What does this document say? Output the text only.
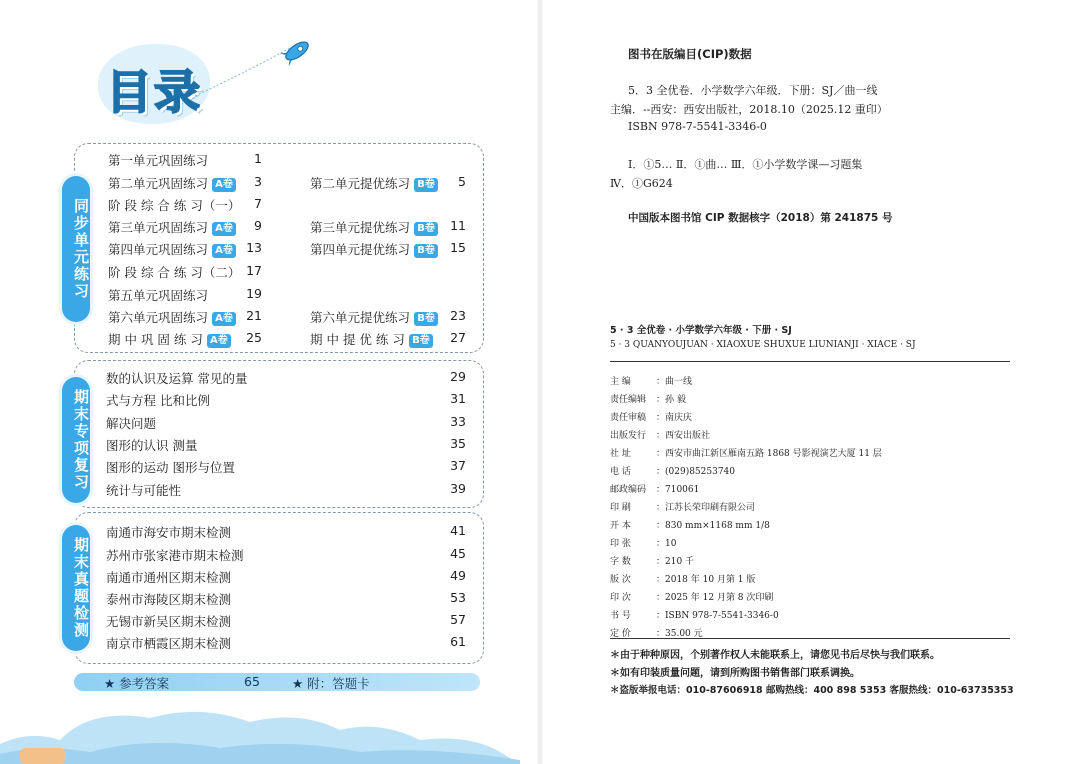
目录
同步单元练习
第一单元巩固练习	1
第二单元巩固练习 A卷	3	第二单元提优练习 B卷	5
阶 段 综 合 练 习（一）	7
第三单元巩固练习 A卷	9	第三单元提优练习 B卷	11
第四单元巩固练习 A卷	13	第四单元提优练习 B卷	15
阶 段 综 合 练 习（二） 17
第五单元巩固练习	19
第六单元巩固练习 A卷	21	第六单元提优练习 B卷	23
期 中 巩 固 练 习 A卷	25	期 中 提 优 练 习 B卷	27
期末专项复习
数的认识及运算 常见的量	29
式与方程 比和比例	31
解决问题	33
图形的认识 测量	35
图形的运动 图形与位置	37
统计与可能性	39
期末真题检测
南通市海安市期末检测	41
苏州市张家港市期末检测	45
南通市通州区期末检测	49
泰州市海陵区期末检测	53
无锡市新吴区期末检测	57
南京市栖霞区期末检测	61
★ 参考答案	65	★ 附：答题卡
图书在版编目(CIP)数据
5．3 全优卷．小学数学六年级．下册：SJ／曲一线
主编．--西安：西安出版社，2018.10（2025.12 重印）
ISBN 978-7-5541-3346-0
Ⅰ．①5… Ⅱ．①曲… Ⅲ．①小学数学课—习题集
Ⅳ．①G624
中国版本图书馆 CIP 数据核字（2018）第 241875 号
5 · 3 全优卷 · 小学数学六年级 · 下册 · SJ
5 · 3 QUANYOUJUAN · XIAOXUE SHUXUE LIUNIANJI · XIACE · SJ
主 编	：曲一线
责任编辑 ：孙 毅
责任审稿 ：南庆庆
出版发行 ：西安出版社
社 址	：西安市曲江新区雁南五路 1868 号影视演艺大厦 11 层
电 话	：(029)85253740
邮政编码 ：710061
印 刷	：江苏长荣印刷有限公司
开 本	：830 mm×1168 mm 1/8
印 张	：10
字 数	：210 千
版 次	：2018 年 10 月第 1 版
印 次	：2025 年 12 月第 8 次印刷
书 号	：ISBN 978-7-5541-3346-0
定 价	：35.00 元
＊由于种种原因，个别著作权人未能联系上，请您见书后尽快与我们联系。
＊如有印装质量问题，请到所购图书销售部门联系调换。
＊盗版举报电话：010-87606918 邮购热线：400 898 5353 客服热线：010-63735353
